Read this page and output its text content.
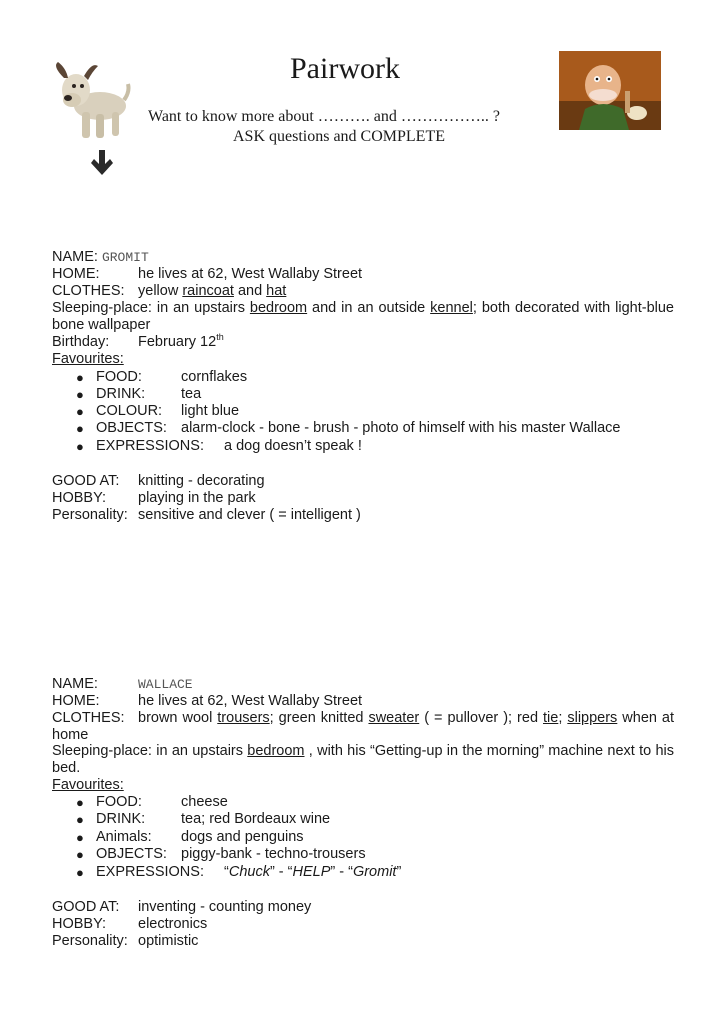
Pairwork
Want to know more about ………. and …………….. ?
ASK questions and COMPLETE
NAME: GROMIT
HOME:	he lives at 62, West Wallaby Street
CLOTHES: yellow raincoat and hat
Sleeping-place: in an upstairs bedroom and in an outside kennel; both decorated with light-blue bone wallpaper
Birthday: February 12th
Favourites:
● FOOD:	cornflakes
● DRINK: tea
● COLOUR: light blue
● OBJECTS: alarm-clock - bone - brush - photo of himself with his master Wallace
● EXPRESSIONS: a dog doesn’t speak !
GOOD AT: knitting - decorating
HOBBY: playing in the park
Personality: sensitive and clever ( = intelligent )
NAME:	WALLACE
HOME:	he lives at 62, West Wallaby Street
CLOTHES: brown wool trousers; green knitted sweater ( = pullover ); red tie; slippers when at home
Sleeping-place: in an upstairs bedroom , with his “Getting-up in the morning” machine next to his bed.
Favourites:
● FOOD:	cheese
● DRINK: tea; red Bordeaux wine
● Animals: dogs and penguins
● OBJECTS: piggy-bank - techno-trousers
● EXPRESSIONS: “Chuck” - “HELP” - “Gromit”
GOOD AT: inventing - counting money
HOBBY: electronics
Personality: optimistic
